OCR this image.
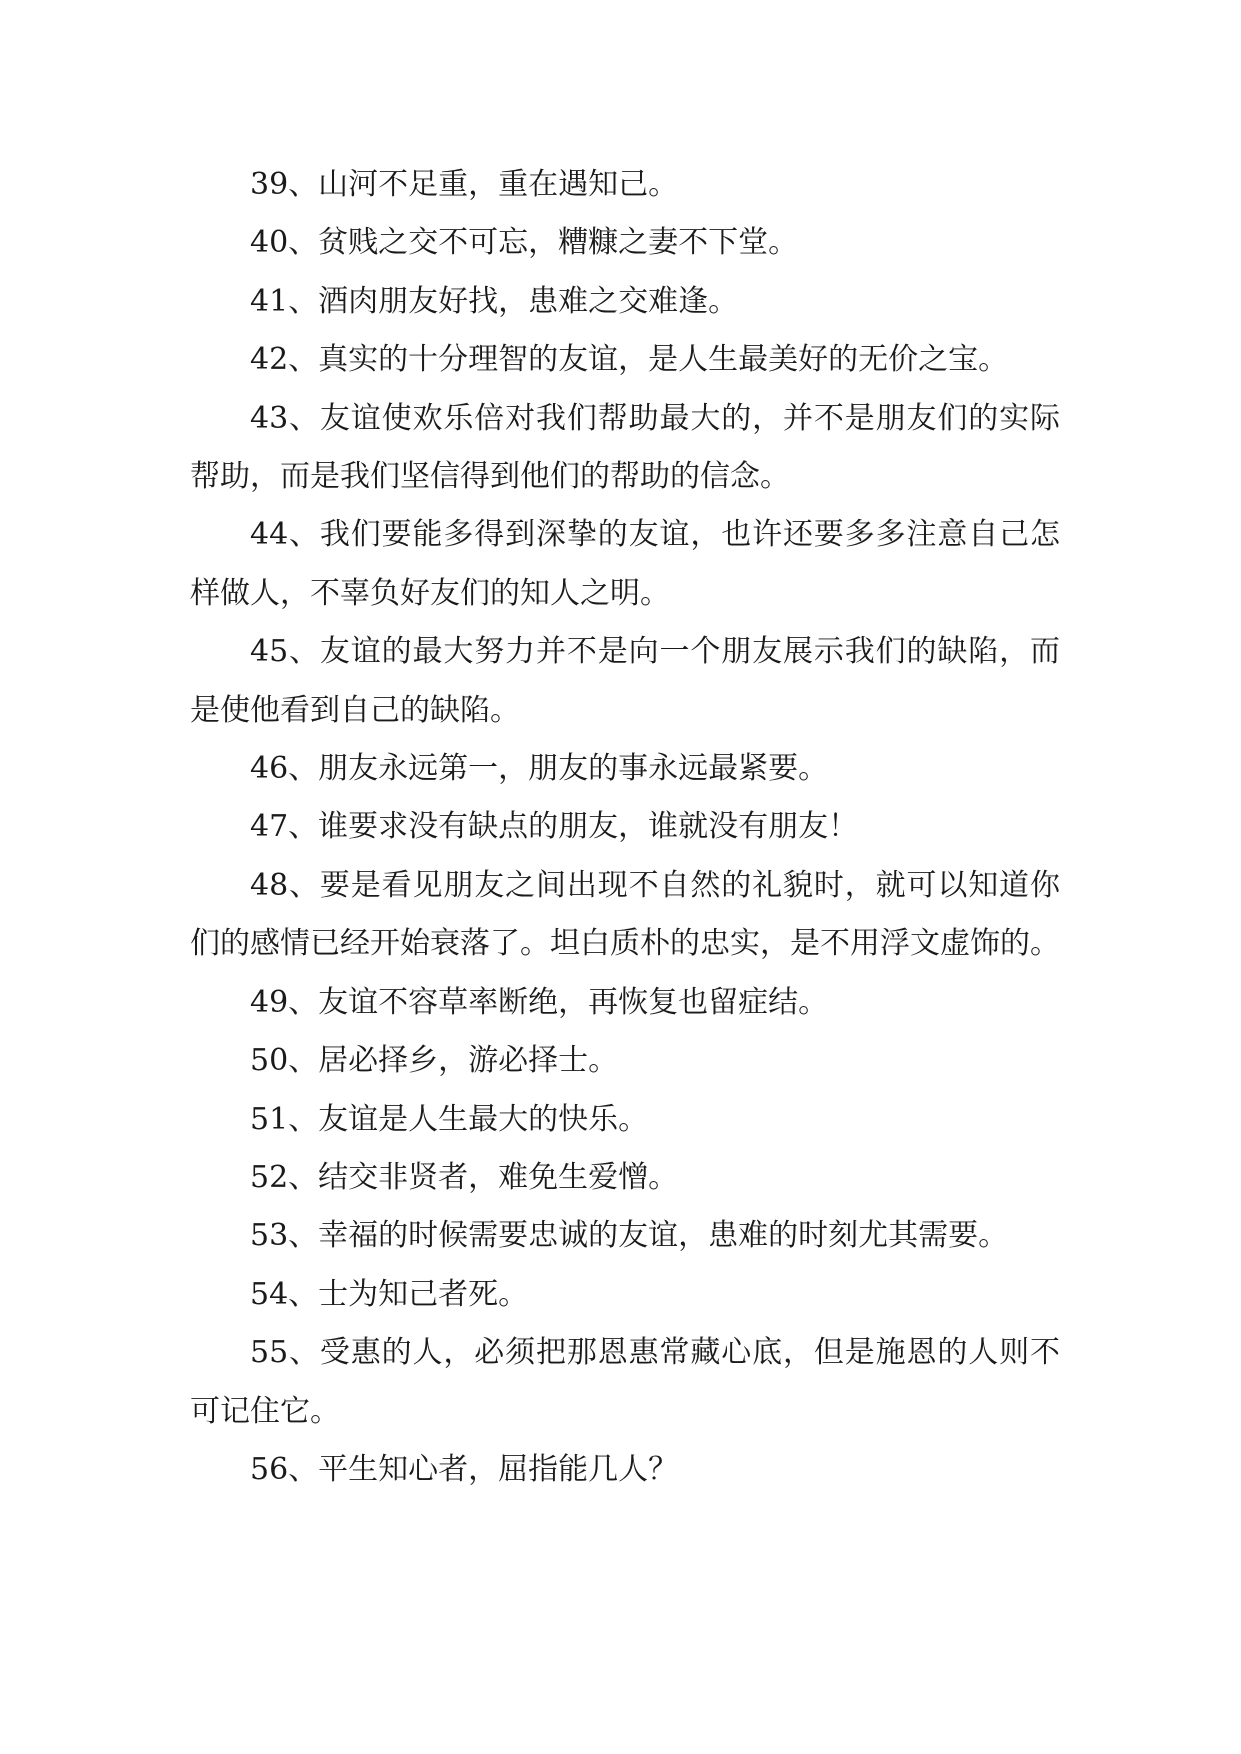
39、山河不足重，重在遇知己。

40、贫贱之交不可忘，糟糠之妻不下堂。

41、酒肉朋友好找，患难之交难逢。

42、真实的十分理智的友谊，是人生最美好的无价之宝。

43、友谊使欢乐倍对我们帮助最大的，并不是朋友们的实际帮助，而是我们坚信得到他们的帮助的信念。

44、我们要能多得到深挚的友谊，也许还要多多注意自己怎样做人，不辜负好友们的知人之明。

45、友谊的最大努力并不是向一个朋友展示我们的缺陷，而是使他看到自己的缺陷。

46、朋友永远第一，朋友的事永远最紧要。

47、谁要求没有缺点的朋友，谁就没有朋友！

48、要是看见朋友之间出现不自然的礼貌时，就可以知道你们的感情已经开始衰落了。坦白质朴的忠实，是不用浮文虚饰的。

49、友谊不容草率断绝，再恢复也留症结。

50、居必择乡，游必择士。

51、友谊是人生最大的快乐。

52、结交非贤者，难免生爱憎。

53、幸福的时候需要忠诚的友谊，患难的时刻尤其需要。

54、士为知己者死。

55、受惠的人，必须把那恩惠常藏心底，但是施恩的人则不可记住它。

56、平生知心者，屈指能几人？
